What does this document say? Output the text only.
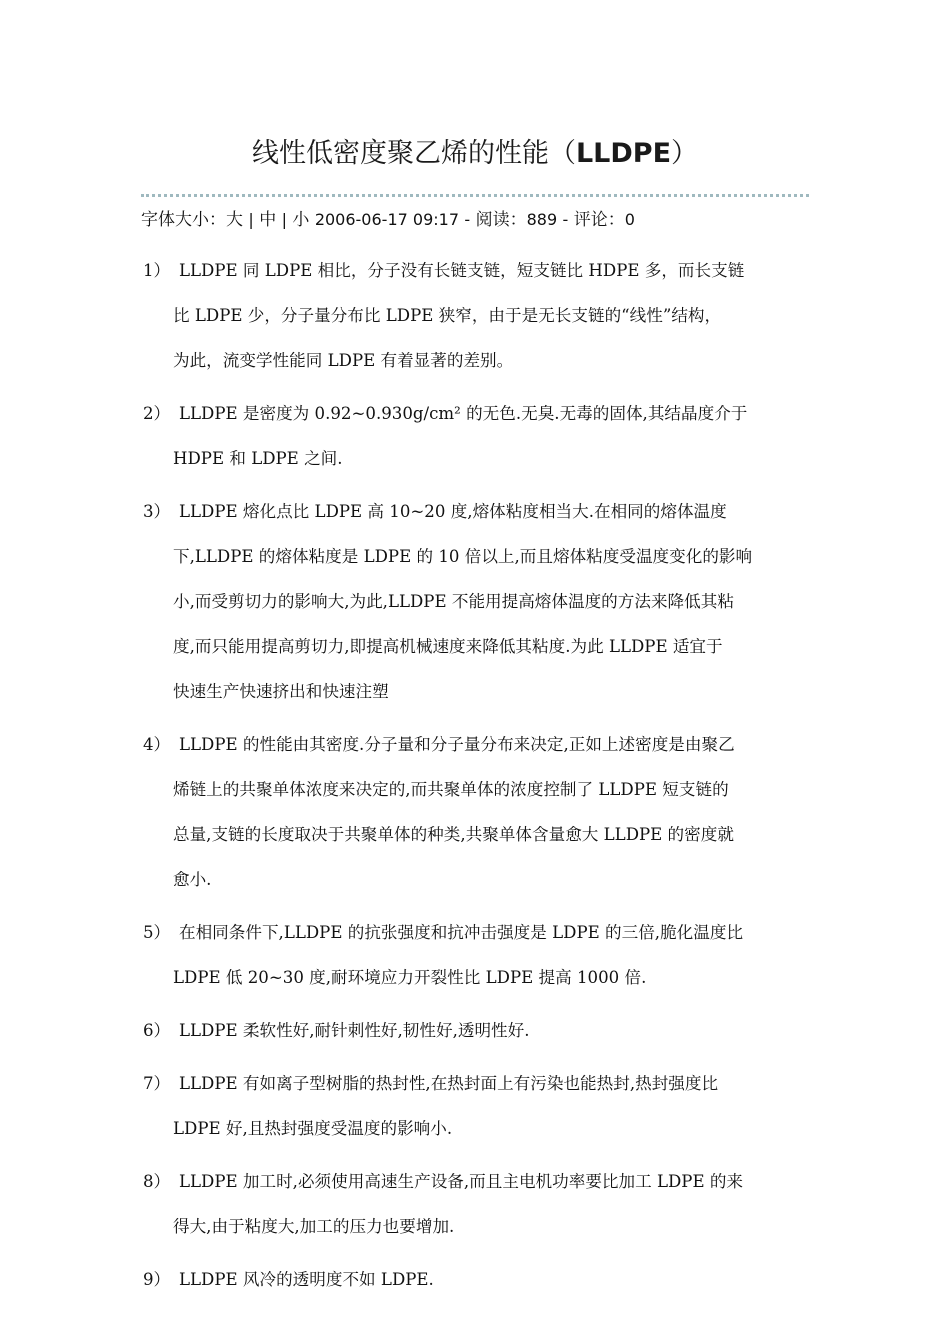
线性低密度聚乙烯的性能（LLDPE）
字体大小：大 | 中 | 小 2006-06-17 09:17 - 阅读：889 - 评论：0
1） LLDPE 同 LDPE 相比，分子没有长链支链，短支链比 HDPE 多，而长支链
比 LDPE 少，分子量分布比 LDPE 狭窄，由于是无长支链的“线性”结构，
为此，流变学性能同 LDPE 有着显著的差别。
2） LLDPE 是密度为 0.92~0.930g/cm² 的无色.无臭.无毒的固体,其结晶度介于
HDPE 和 LDPE 之间.
3） LLDPE 熔化点比 LDPE 高 10~20 度,熔体粘度相当大.在相同的熔体温度
下,LLDPE 的熔体粘度是 LDPE 的 10 倍以上,而且熔体粘度受温度变化的影响
小,而受剪切力的影响大,为此,LLDPE 不能用提高熔体温度的方法来降低其粘
度,而只能用提高剪切力,即提高机械速度来降低其粘度.为此 LLDPE 适宜于
快速生产快速挤出和快速注塑
4） LLDPE 的性能由其密度.分子量和分子量分布来决定,正如上述密度是由聚乙
烯链上的共聚单体浓度来决定的,而共聚单体的浓度控制了 LLDPE 短支链的
总量,支链的长度取决于共聚单体的种类,共聚单体含量愈大 LLDPE 的密度就
愈小.
5） 在相同条件下,LLDPE 的抗张强度和抗冲击强度是 LDPE 的三倍,脆化温度比
LDPE 低 20~30 度,耐环境应力开裂性比 LDPE 提高 1000 倍.
6） LLDPE 柔软性好,耐针刺性好,韧性好,透明性好.
7） LLDPE 有如离子型树脂的热封性,在热封面上有污染也能热封,热封强度比
LDPE 好,且热封强度受温度的影响小.
8） LLDPE 加工时,必须使用高速生产设备,而且主电机功率要比加工 LDPE 的来
得大,由于粘度大,加工的压力也要增加.
9） LLDPE 风冷的透明度不如 LDPE.
